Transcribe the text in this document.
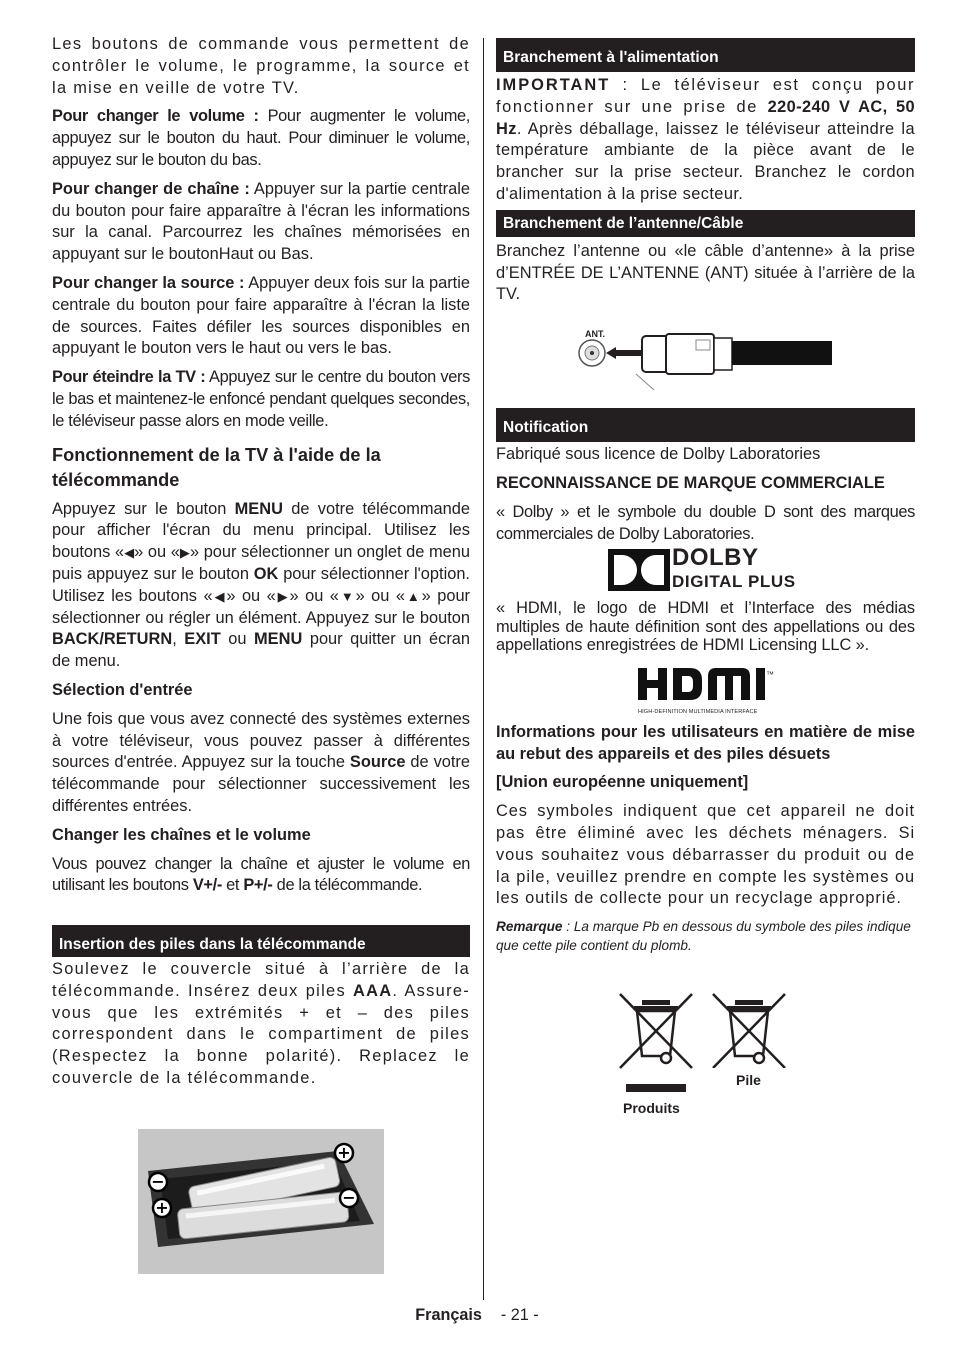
Les boutons de commande vous permettent de contrôler le volume, le programme, la source et la mise en veille de votre TV.

Pour changer le volume : Pour augmenter le volume, appuyez sur le bouton du haut. Pour diminuer le volume, appuyez sur le bouton du bas.

Pour changer de chaîne : Appuyer sur la partie centrale du bouton pour faire apparaître à l'écran les informations sur la canal. Parcourrez les chaînes mémorisées en appuyant sur le boutonHaut ou Bas.

Pour changer la source : Appuyer deux fois sur la partie centrale du bouton pour faire apparaître à l'écran la liste de sources. Faites défiler les sources disponibles en appuyant le bouton vers le haut ou vers le bas.

Pour éteindre la TV : Appuyez sur le centre du bouton vers le bas et maintenez-le enfoncé pendant quelques secondes, le téléviseur passe alors en mode veille.

Fonctionnement de la TV à l'aide de la télécommande

Appuyez sur le bouton MENU de votre télécommande pour afficher l'écran du menu principal. Utilisez les boutons «◀» ou «▶» pour sélectionner un onglet de menu puis appuyez sur le bouton OK pour sélectionner l'option. Utilisez les boutons «◀» ou «▶» ou «▼» ou «▲» pour sélectionner ou régler un élément. Appuyez sur le bouton BACK/RETURN, EXIT ou MENU pour quitter un écran de menu.

Sélection d'entrée

Une fois que vous avez connecté des systèmes externes à votre téléviseur, vous pouvez passer à différentes sources d'entrée. Appuyez sur la touche Source de votre télécommande pour sélectionner successivement les différentes entrées.

Changer les chaînes et le volume

Vous pouvez changer la chaîne et ajuster le volume en utilisant les boutons V+/- et P+/- de la télécommande.

Insertion des piles dans la télécommande

Soulevez le couvercle situé à l’arrière de la télécommande. Insérez deux piles AAA. Assure-vous que les extrémités + et – des piles correspondent dans le compartiment de piles (Respectez la bonne polarité). Replacez le couvercle de la télécommande.

+
−
−
+
Branchement à l'alimentation

IMPORTANT : Le téléviseur est conçu pour fonctionner sur une prise de 220-240 V AC, 50 Hz. Après déballage, laissez le téléviseur atteindre la température ambiante de la pièce avant de le brancher sur la prise secteur. Branchez le cordon d'alimentation à la prise secteur.

Branchement de l’antenne/Câble

Branchez l’antenne ou «le câble d’antenne» à la prise d’ENTRÉE DE L’ANTENNE (ANT) située à l’arrière de la TV.

ANT.
Notification

Fabriqué sous licence de Dolby Laboratories

RECONNAISSANCE DE MARQUE COMMERCIALE

« Dolby » et le symbole du double D sont des marques commerciales de Dolby Laboratories.

DOLBY
DIGITAL PLUS

« HDMI, le logo de HDMI et l’Interface des médias multiples de haute définition sont des appellations ou des appellations enregistrées de HDMI Licensing LLC ».

™
HIGH-DEFINITION MULTIMEDIA INTERFACE
Informations pour les utilisateurs en matière de mise au rebut des appareils et des piles désuets
[Union européenne uniquement]

Ces symboles indiquent que cet appareil ne doit pas être éliminé avec les déchets ménagers. Si vous souhaitez vous débarrasser du produit ou de la pile, veuillez prendre en compte les systèmes ou les outils de collecte pour un recyclage approprié.

Remarque : La marque Pb en dessous du symbole des piles indique que cette pile contient du plomb.

Produits
Pile
Français - 21 -
